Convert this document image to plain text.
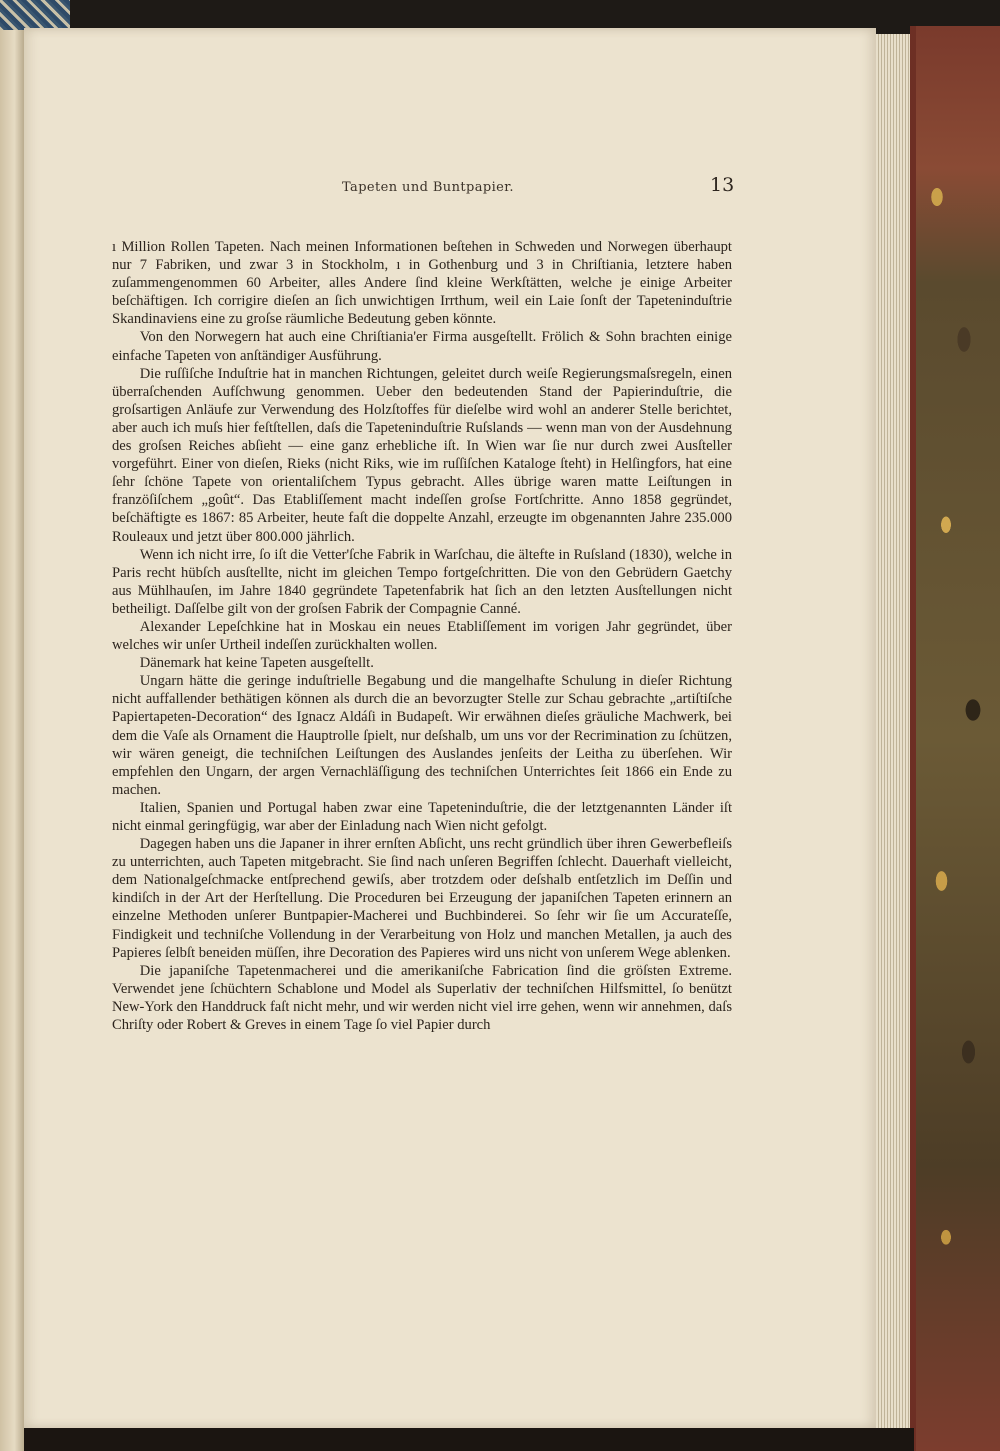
Tapeten und Buntpapier.	13

ı Million Rollen Tapeten. Nach meinen Informationen beſtehen in Schweden und Norwegen überhaupt nur 7 Fabriken, und zwar 3 in Stockholm, ı in Gothenburg und 3 in Chriſtiania, letztere haben zuſammengenommen 60 Arbeiter, alles Andere ſind kleine Werkſtätten, welche je einige Arbeiter beſchäftigen. Ich corrigire dieſen an ſich unwichtigen Irrthum, weil ein Laie ſonſt der Tapeteninduſtrie Skandinaviens eine zu groſse räumliche Bedeutung geben könnte.

Von den Norwegern hat auch eine Chriſtiania'er Firma ausgeſtellt. Frölich & Sohn brachten einige einfache Tapeten von anſtändiger Ausführung.

Die ruſſiſche Induſtrie hat in manchen Richtungen, geleitet durch weiſe Regierungsmaſsregeln, einen überraſchenden Aufſchwung genommen. Ueber den bedeutenden Stand der Papierinduſtrie, die groſsartigen Anläufe zur Verwendung des Holzſtoffes für dieſelbe wird wohl an anderer Stelle berichtet, aber auch ich muſs hier feſtſtellen, daſs die Tapeteninduſtrie Ruſslands — wenn man von der Ausdehnung des groſsen Reiches abſieht — eine ganz erhebliche iſt. In Wien war ſie nur durch zwei Ausſteller vorgeführt. Einer von dieſen, Rieks (nicht Riks, wie im ruſſiſchen Kataloge ſteht) in Helſingfors, hat eine ſehr ſchöne Tapete von orientaliſchem Typus gebracht. Alles übrige waren matte Leiſtungen in franzöſiſchem „goût“. Das Etabliſſement macht indeſſen groſse Fortſchritte. Anno 1858 gegründet, beſchäftigte es 1867: 85 Arbeiter, heute faſt die doppelte Anzahl, erzeugte im obgenannten Jahre 235.000 Rouleaux und jetzt über 800.000 jährlich.

Wenn ich nicht irre, ſo iſt die Vetter'ſche Fabrik in Warſchau, die ältefte in Ruſsland (1830), welche in Paris recht hübſch ausſtellte, nicht im gleichen Tempo fortgeſchritten. Die von den Gebrüdern Gaetchy aus Mühlhauſen, im Jahre 1840 gegründete Tapetenfabrik hat ſich an den letzten Ausſtellungen nicht betheiligt. Daſſelbe gilt von der groſsen Fabrik der Compagnie Canné.

Alexander Lepeſchkine hat in Moskau ein neues Etabliſſement im vorigen Jahr gegründet, über welches wir unſer Urtheil indeſſen zurückhalten wollen.

Dänemark hat keine Tapeten ausgeſtellt.

Ungarn hätte die geringe induſtrielle Begabung und die mangelhafte Schulung in dieſer Richtung nicht auffallender bethätigen können als durch die an bevorzugter Stelle zur Schau gebrachte „artiſtiſche Papiertapeten-Decoration“ des Ignacz Aldáſi in Budapeſt. Wir erwähnen dieſes gräuliche Machwerk, bei dem die Vaſe als Ornament die Hauptrolle ſpielt, nur deſshalb, um uns vor der Recrimination zu ſchützen, wir wären geneigt, die techniſchen Leiſtungen des Auslandes jenſeits der Leitha zu überſehen. Wir empfehlen den Ungarn, der argen Vernachläſſigung des techniſchen Unterrichtes ſeit 1866 ein Ende zu machen.

Italien, Spanien und Portugal haben zwar eine Tapeteninduſtrie, die der letztgenannten Länder iſt nicht einmal geringfügig, war aber der Einladung nach Wien nicht gefolgt.

Dagegen haben uns die Japaner in ihrer ernſten Abſicht, uns recht gründlich über ihren Gewerbefleiſs zu unterrichten, auch Tapeten mitgebracht. Sie ſind nach unſeren Begriffen ſchlecht. Dauerhaft vielleicht, dem Nationalgeſchmacke entſprechend gewiſs, aber trotzdem oder deſshalb entſetzlich im Deſſin und kindiſch in der Art der Herſtellung. Die Proceduren bei Erzeugung der japaniſchen Tapeten erinnern an einzelne Methoden unſerer Buntpapier-Macherei und Buchbinderei. So ſehr wir ſie um Accurateſſe, Findigkeit und techniſche Vollendung in der Verarbeitung von Holz und manchen Metallen, ja auch des Papieres ſelbſt beneiden müſſen, ihre Decoration des Papieres wird uns nicht von unſerem Wege ablenken.

Die japaniſche Tapetenmacherei und die amerikaniſche Fabrication ſind die gröſsten Extreme. Verwendet jene ſchüchtern Schablone und Model als Superlativ der techniſchen Hilfsmittel, ſo benützt New-York den Handdruck faſt nicht mehr, und wir werden nicht viel irre gehen, wenn wir annehmen, daſs Chriſty oder Robert & Greves in einem Tage ſo viel Papier durch
